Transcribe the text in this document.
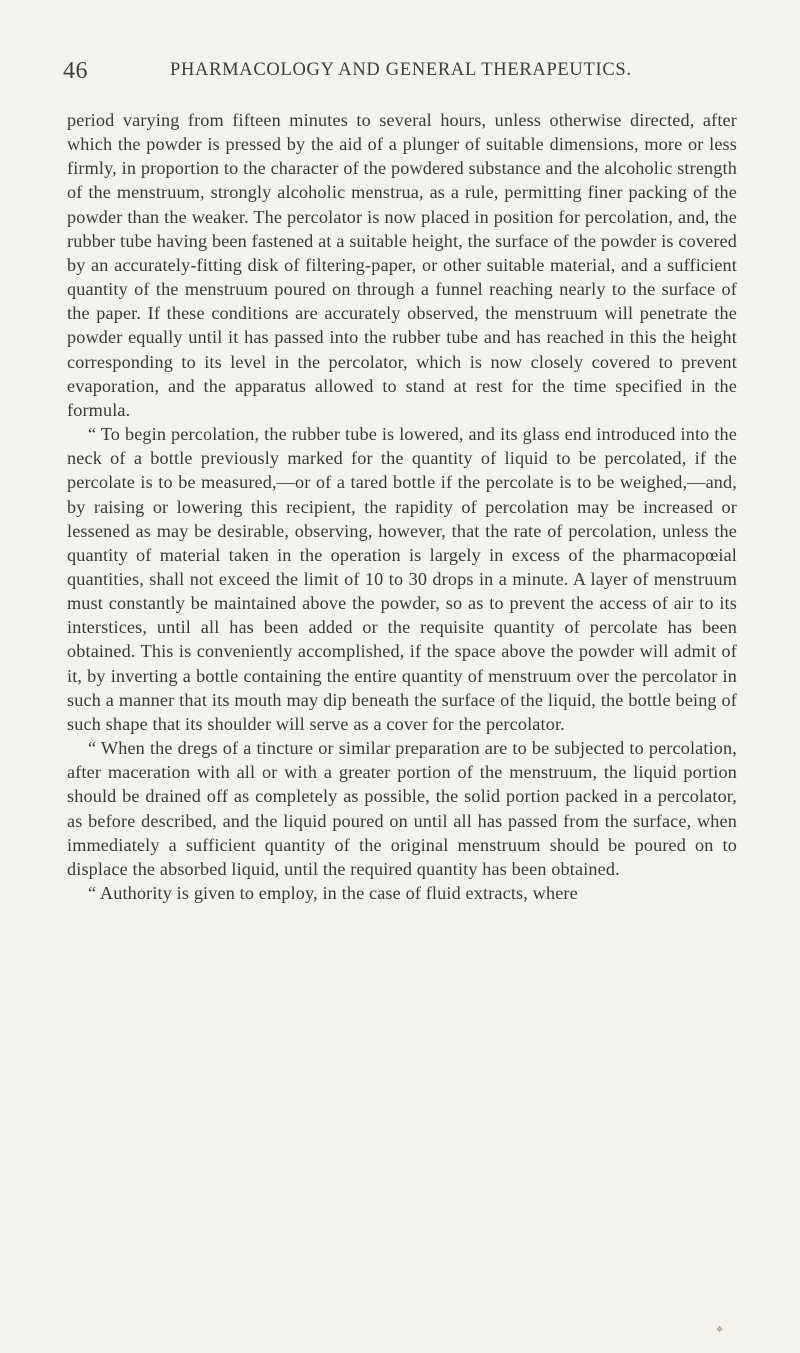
46	PHARMACOLOGY AND GENERAL THERAPEUTICS.

period varying from fifteen minutes to several hours, unless otherwise directed, after which the powder is pressed by the aid of a plunger of suitable dimensions, more or less firmly, in proportion to the character of the powdered substance and the alcoholic strength of the menstruum, strongly alcoholic menstrua, as a rule, permitting finer packing of the powder than the weaker. The percolator is now placed in position for percolation, and, the rubber tube having been fastened at a suitable height, the surface of the powder is covered by an accurately-fitting disk of filtering-paper, or other suitable material, and a sufficient quantity of the menstruum poured on through a funnel reaching nearly to the surface of the paper. If these conditions are accurately observed, the menstruum will penetrate the powder equally until it has passed into the rubber tube and has reached in this the height corresponding to its level in the percolator, which is now closely covered to prevent evaporation, and the apparatus allowed to stand at rest for the time specified in the formula.

“ To begin percolation, the rubber tube is lowered, and its glass end introduced into the neck of a bottle previously marked for the quantity of liquid to be percolated, if the percolate is to be measured,—or of a tared bottle if the percolate is to be weighed,—and, by raising or lowering this recipient, the rapidity of percolation may be increased or lessened as may be desirable, observing, however, that the rate of percolation, unless the quantity of material taken in the operation is largely in excess of the pharmacopœial quantities, shall not exceed the limit of 10 to 30 drops in a minute. A layer of menstruum must constantly be maintained above the powder, so as to prevent the access of air to its interstices, until all has been added or the requisite quantity of percolate has been obtained. This is conveniently accomplished, if the space above the powder will admit of it, by inverting a bottle containing the entire quantity of menstruum over the percolator in such a manner that its mouth may dip beneath the surface of the liquid, the bottle being of such shape that its shoulder will serve as a cover for the percolator.

“ When the dregs of a tincture or similar preparation are to be subjected to percolation, after maceration with all or with a greater portion of the menstruum, the liquid portion should be drained off as completely as possible, the solid portion packed in a percolator, as before described, and the liquid poured on until all has passed from the surface, when immediately a sufficient quantity of the original menstruum should be poured on to displace the absorbed liquid, until the required quantity has been obtained.

“ Authority is given to employ, in the case of fluid extracts, where

❖
